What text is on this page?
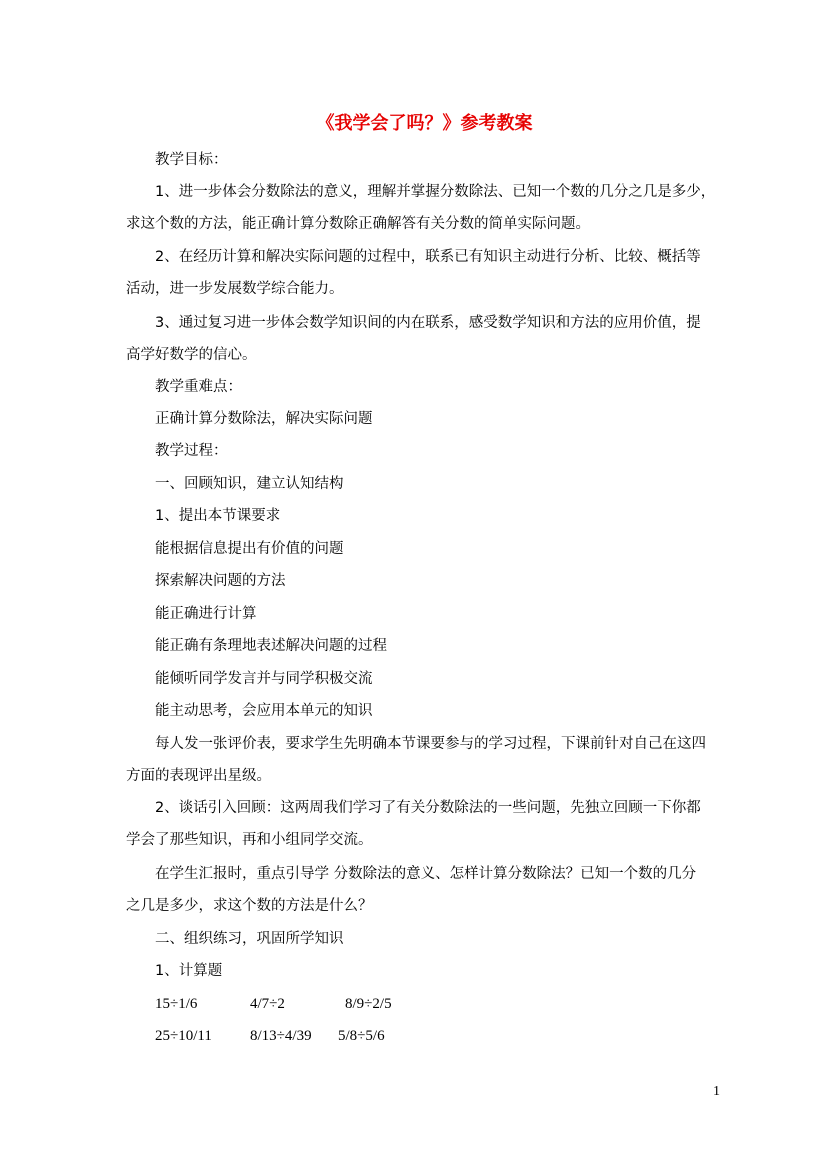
《我学会了吗？》参考教案
教学目标：
1、进一步体会分数除法的意义，理解并掌握分数除法、已知一个数的几分之几是多少，
求这个数的方法，能正确计算分数除正确解答有关分数的简单实际问题。
2、在经历计算和解决实际问题的过程中，联系已有知识主动进行分析、比较、概括等
活动，进一步发展数学综合能力。
3、通过复习进一步体会数学知识间的内在联系，感受数学知识和方法的应用价值，提
高学好数学的信心。
教学重难点：
正确计算分数除法，解决实际问题
教学过程：
一、回顾知识，建立认知结构
1、提出本节课要求
能根据信息提出有价值的问题
探索解决问题的方法
能正确进行计算
能正确有条理地表述解决问题的过程
能倾听同学发言并与同学积极交流
能主动思考，会应用本单元的知识
每人发一张评价表，要求学生先明确本节课要参与的学习过程，下课前针对自己在这四
方面的表现评出星级。
2、谈话引入回顾：这两周我们学习了有关分数除法的一些问题，先独立回顾一下你都
学会了那些知识，再和小组同学交流。
在学生汇报时，重点引导学 分数除法的意义、怎样计算分数除法？已知一个数的几分
之几是多少，求这个数的方法是什么？
二、组织练习，巩固所学知识
1、计算题
15÷1/6	4/7÷2	8/9÷2/5
25÷10/11	8/13÷4/39 5/8÷5/6
1
